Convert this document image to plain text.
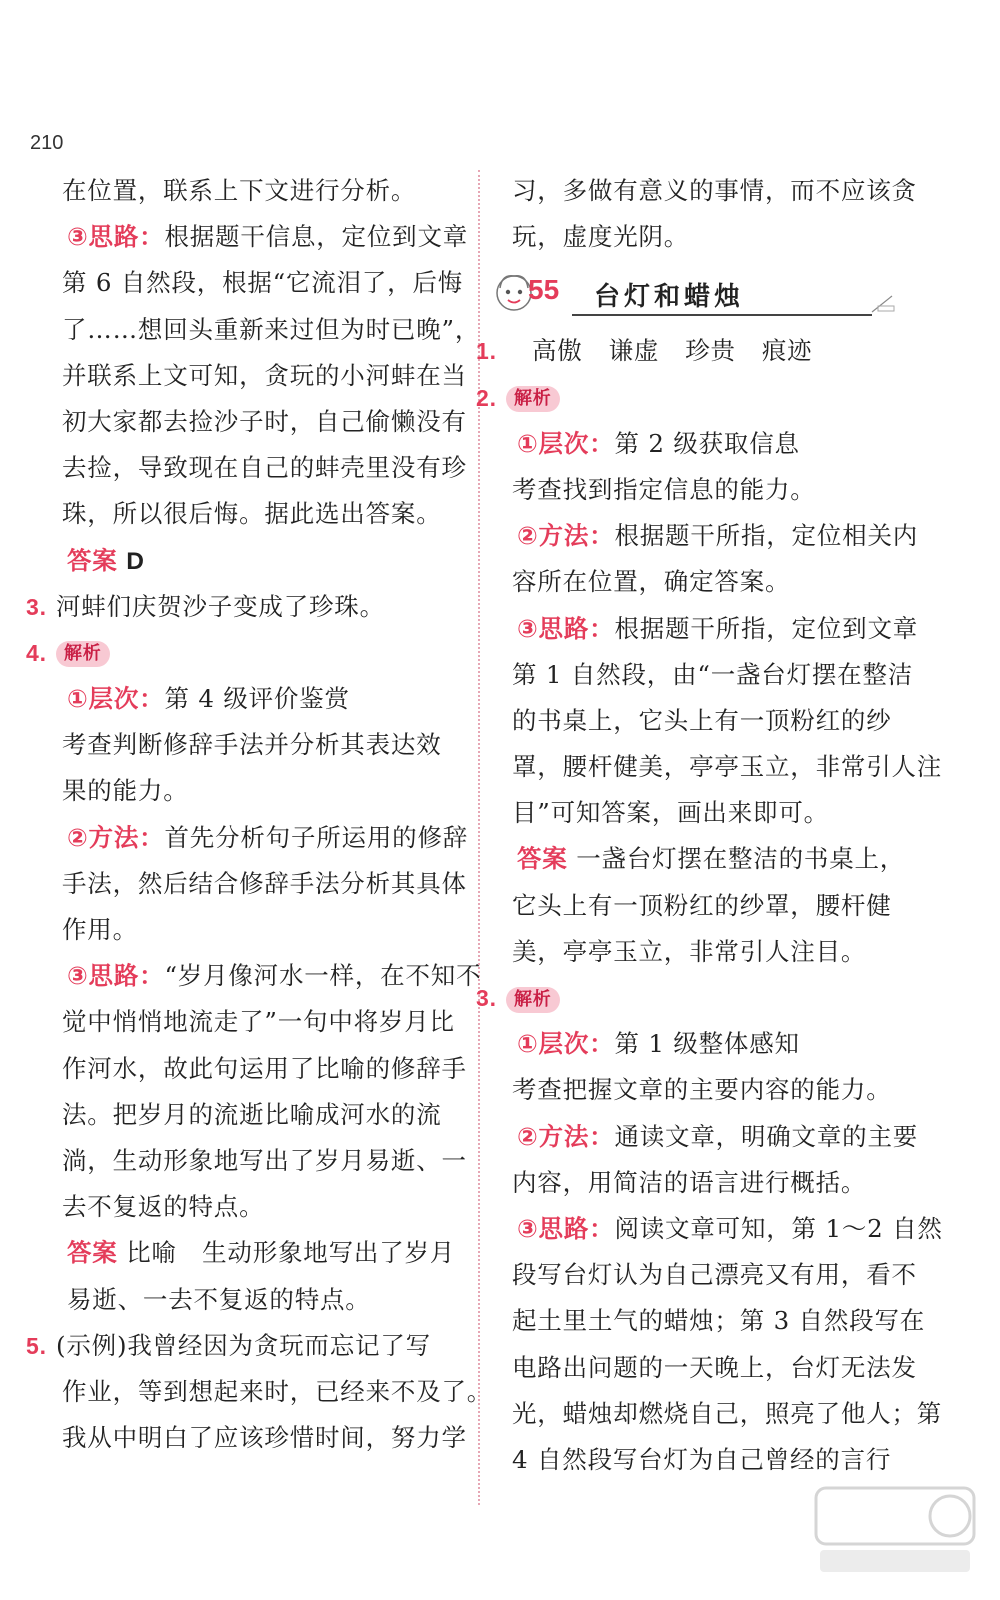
210
在位置，联系上下文进行分析。
③思路：根据题干信息，定位到文章
第 6 自然段，根据“它流泪了，后悔
了……想回头重新来过但为时已晚”，
并联系上文可知，贪玩的小河蚌在当
初大家都去捡沙子时，自己偷懒没有
去捡，导致现在自己的蚌壳里没有珍
珠，所以很后悔。据此选出答案。
答案 D
3. 河蚌们庆贺沙子变成了珍珠。
4. 解析
①层次：第 4 级评价鉴赏
考查判断修辞手法并分析其表达效
果的能力。
②方法：首先分析句子所运用的修辞
手法，然后结合修辞手法分析其具体
作用。
③思路：“岁月像河水一样，在不知不
觉中悄悄地流走了”一句中将岁月比
作河水，故此句运用了比喻的修辞手
法。把岁月的流逝比喻成河水的流
淌，生动形象地写出了岁月易逝、一
去不复返的特点。
答案 比喻　生动形象地写出了岁月
易逝、一去不复返的特点。
5. (示例)我曾经因为贪玩而忘记了写
作业，等到想起来时，已经来不及了。
我从中明白了应该珍惜时间，努力学
习，多做有意义的事情，而不应该贪
玩，虚度光阴。
55 台灯和蜡烛
1. 高傲 谦虚 珍贵 痕迹
2. 解析
①层次：第 2 级获取信息
考查找到指定信息的能力。
②方法：根据题干所指，定位相关内
容所在位置，确定答案。
③思路：根据题干所指，定位到文章
第 1 自然段，由“一盏台灯摆在整洁
的书桌上，它头上有一顶粉红的纱
罩，腰杆健美，亭亭玉立，非常引人注
目”可知答案，画出来即可。
答案 一盏台灯摆在整洁的书桌上，
它头上有一顶粉红的纱罩，腰杆健
美，亭亭玉立，非常引人注目。
3. 解析
①层次：第 1 级整体感知
考查把握文章的主要内容的能力。
②方法：通读文章，明确文章的主要
内容，用简洁的语言进行概括。
③思路：阅读文章可知，第 1～2 自然
段写台灯认为自己漂亮又有用，看不
起土里土气的蜡烛；第 3 自然段写在
电路出问题的一天晚上，台灯无法发
光，蜡烛却燃烧自己，照亮了他人；第
4 自然段写台灯为自己曾经的言行
